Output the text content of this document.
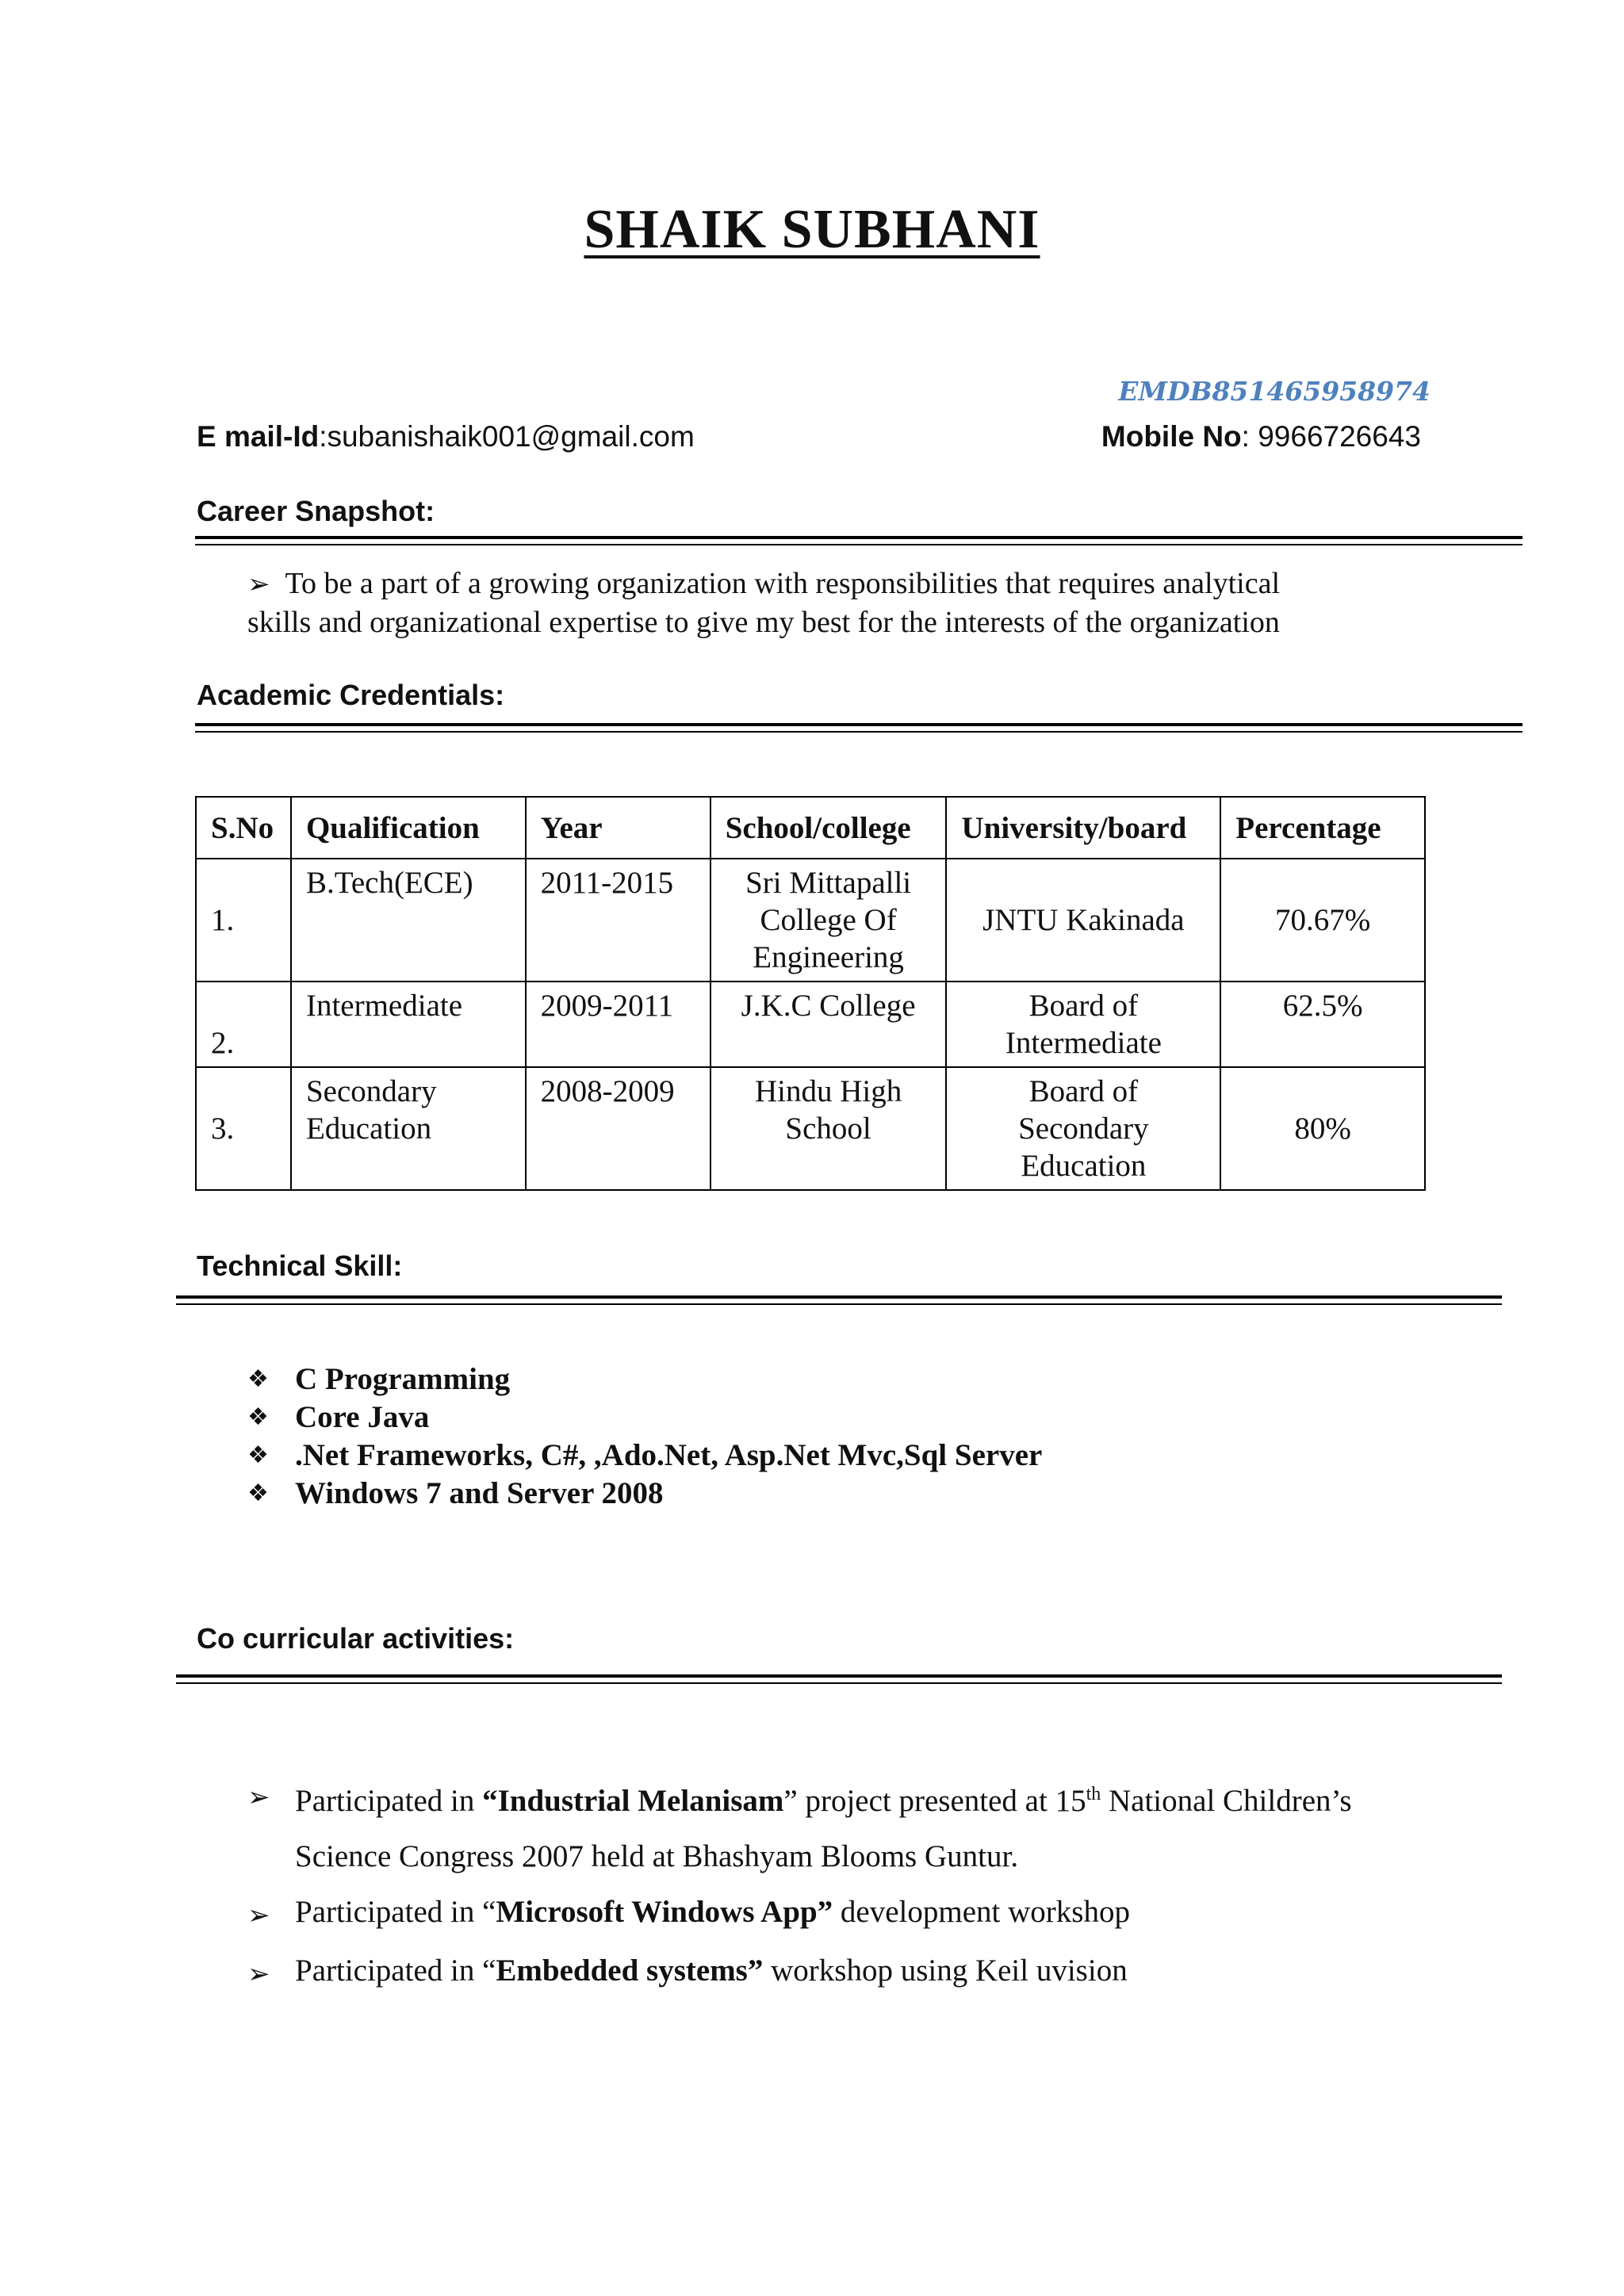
SHAIK SUBHANI
EMDB851465958974
E mail-Id:subanishaik001@gmail.com	Mobile No: 9966726643
Career Snapshot:
➢ To be a part of a growing organization with responsibilities that requires analytical
skills and organizational expertise to give my best for the interests of the organization
Academic Credentials:
S.No	Qualification	Year	School/college	University/board	Percentage
1.	B.Tech(ECE)	2011-2015	Sri Mittapalli College Of Engineering	JNTU Kakinada	70.67%
2.	Intermediate	2009-2011	J.K.C College	Board of Intermediate	62.5%
3.	Secondary Education	2008-2009	Hindu High School	Board of Secondary Education	80%
Technical Skill:
❖ C Programming
❖ Core Java
❖ .Net Frameworks, C#, ,Ado.Net, Asp.Net Mvc,Sql Server
❖ Windows 7 and Server 2008
Co curricular activities:
➢ Participated in “Industrial Melanisam” project presented at 15th National Children’s
Science Congress 2007 held at Bhashyam Blooms Guntur.
➢ Participated in “Microsoft Windows App” development workshop
➢ Participated in “Embedded systems” workshop using Keil uvision
